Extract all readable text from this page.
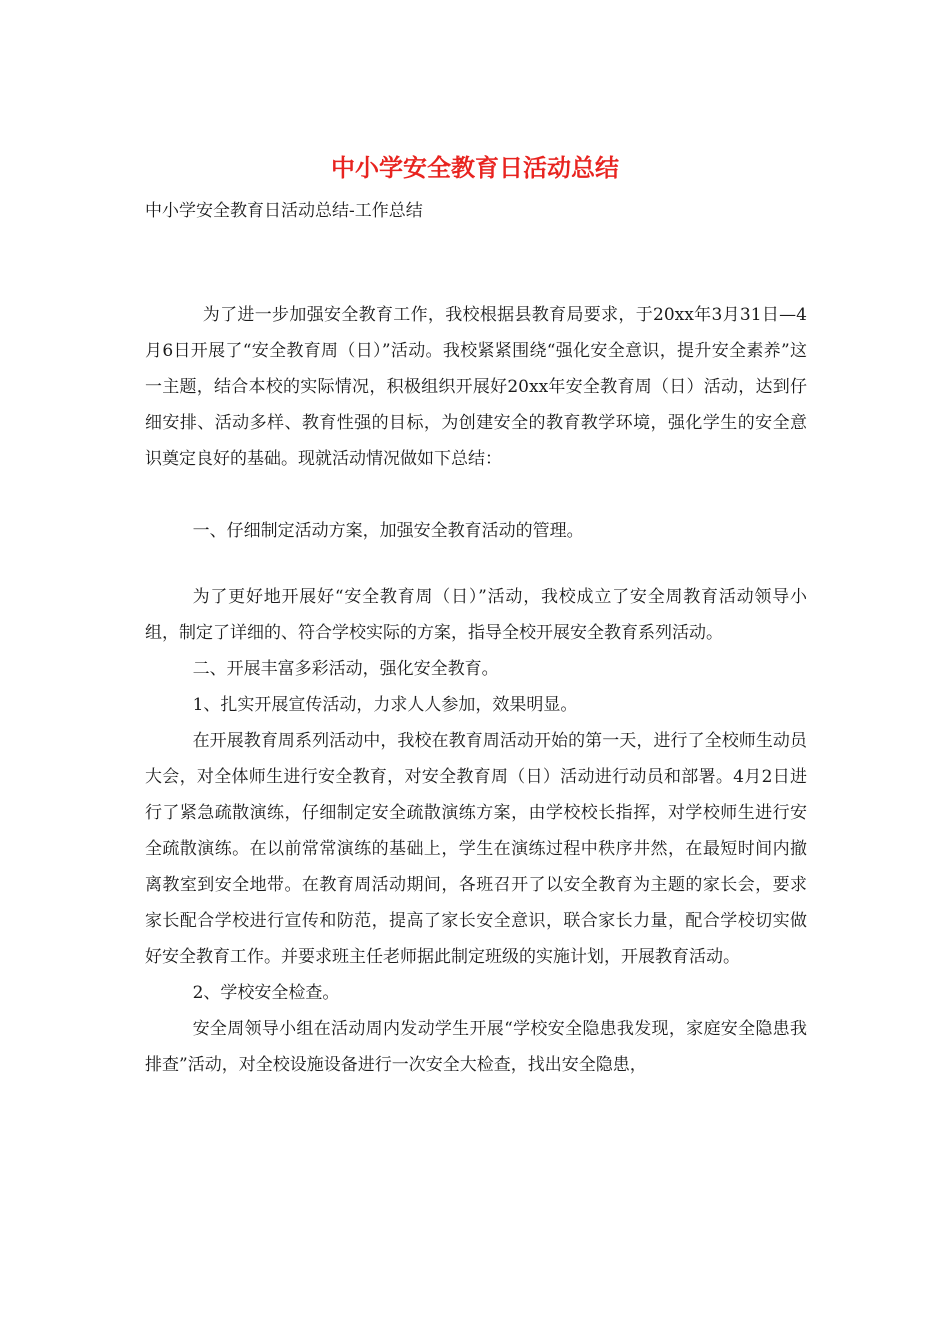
中小学安全教育日活动总结

中小学安全教育日活动总结-工作总结

为了进一步加强安全教育工作，我校根据县教育局要求，于20xx年3月31日—4月6日开展了“安全教育周（日）”活动。我校紧紧围绕“强化安全意识，提升安全素养”这一主题，结合本校的实际情况，积极组织开展好20xx年安全教育周（日）活动，达到仔细安排、活动多样、教育性强的目标，为创建安全的教育教学环境，强化学生的安全意识奠定良好的基础。现就活动情况做如下总结：

一、仔细制定活动方案，加强安全教育活动的管理。

为了更好地开展好“安全教育周（日）”活动，我校成立了安全周教育活动领导小组，制定了详细的、符合学校实际的方案，指导全校开展安全教育系列活动。

二、开展丰富多彩活动，强化安全教育。

1、扎实开展宣传活动，力求人人参加，效果明显。

在开展教育周系列活动中，我校在教育周活动开始的第一天，进行了全校师生动员大会，对全体师生进行安全教育，对安全教育周（日）活动进行动员和部署。4月2日进行了紧急疏散演练，仔细制定安全疏散演练方案，由学校校长指挥，对学校师生进行安全疏散演练。在以前常常演练的基础上，学生在演练过程中秩序井然，在最短时间内撤离教室到安全地带。在教育周活动期间，各班召开了以安全教育为主题的家长会，要求家长配合学校进行宣传和防范，提高了家长安全意识，联合家长力量，配合学校切实做好安全教育工作。并要求班主任老师据此制定班级的实施计划，开展教育活动。

2、学校安全检查。

安全周领导小组在活动周内发动学生开展“学校安全隐患我发现，家庭安全隐患我排查”活动，对全校设施设备进行一次安全大检查，找出安全隐患，
